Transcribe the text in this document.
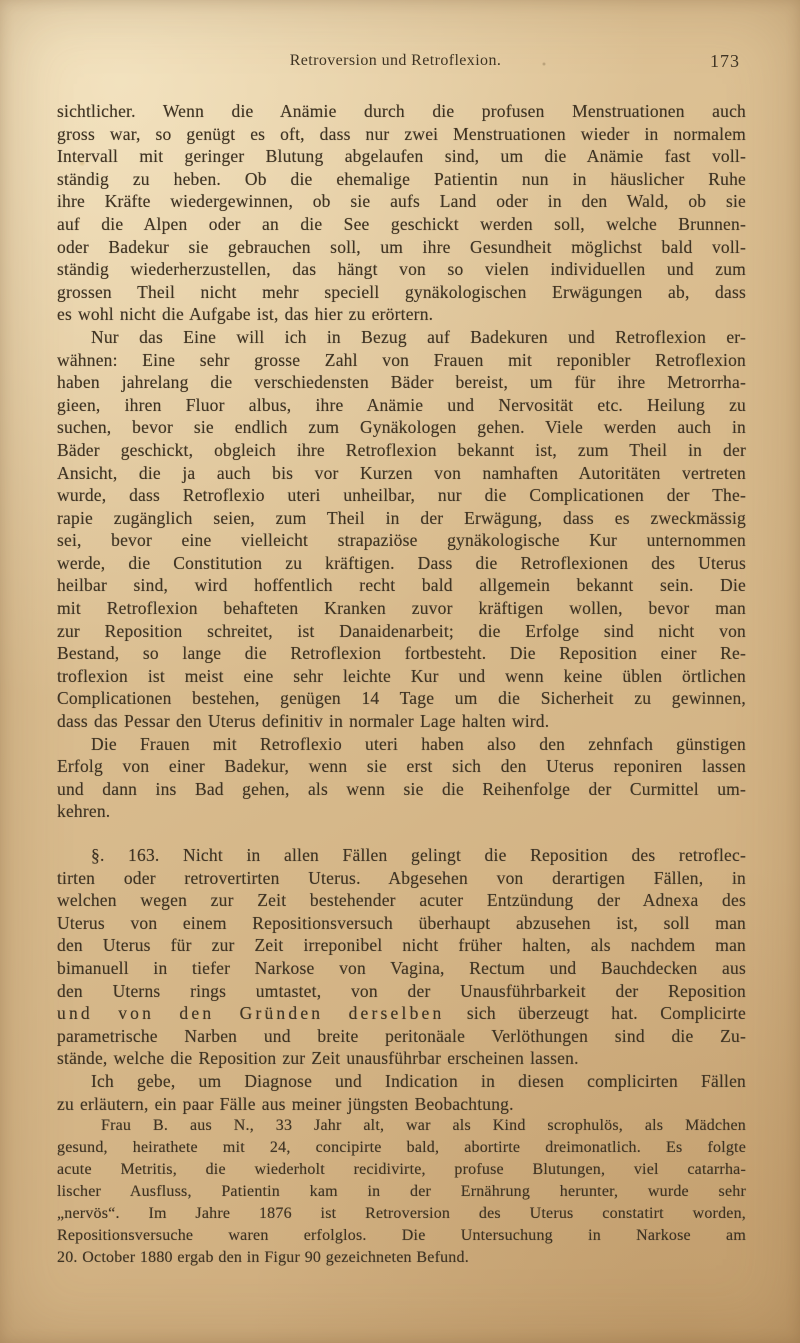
Retroversion und Retroflexion.	173
sichtlicher. Wenn die Anämie durch die profusen Menstruationen auch
gross war, so genügt es oft, dass nur zwei Menstruationen wieder in normalem
Intervall mit geringer Blutung abgelaufen sind, um die Anämie fast voll-
ständig zu heben. Ob die ehemalige Patientin nun in häuslicher Ruhe
ihre Kräfte wiedergewinnen, ob sie aufs Land oder in den Wald, ob sie
auf die Alpen oder an die See geschickt werden soll, welche Brunnen-
oder Badekur sie gebrauchen soll, um ihre Gesundheit möglichst bald voll-
ständig wiederherzustellen, das hängt von so vielen individuellen und zum
grossen Theil nicht mehr speciell gynäkologischen Erwägungen ab, dass
es wohl nicht die Aufgabe ist, das hier zu erörtern.
Nur das Eine will ich in Bezug auf Badekuren und Retroflexion er-
wähnen: Eine sehr grosse Zahl von Frauen mit reponibler Retroflexion
haben jahrelang die verschiedensten Bäder bereist, um für ihre Metrorrha-
gieen, ihren Fluor albus, ihre Anämie und Nervosität etc. Heilung zu
suchen, bevor sie endlich zum Gynäkologen gehen. Viele werden auch in
Bäder geschickt, obgleich ihre Retroflexion bekannt ist, zum Theil in der
Ansicht, die ja auch bis vor Kurzen von namhaften Autoritäten vertreten
wurde, dass Retroflexio uteri unheilbar, nur die Complicationen der The-
rapie zugänglich seien, zum Theil in der Erwägung, dass es zweckmässig
sei, bevor eine vielleicht strapaziöse gynäkologische Kur unternommen
werde, die Constitution zu kräftigen. Dass die Retroflexionen des Uterus
heilbar sind, wird hoffentlich recht bald allgemein bekannt sein. Die
mit Retroflexion behafteten Kranken zuvor kräftigen wollen, bevor man
zur Reposition schreitet, ist Danaidenarbeit; die Erfolge sind nicht von
Bestand, so lange die Retroflexion fortbesteht. Die Reposition einer Re-
troflexion ist meist eine sehr leichte Kur und wenn keine üblen örtlichen
Complicationen bestehen, genügen 14 Tage um die Sicherheit zu gewinnen,
dass das Pessar den Uterus definitiv in normaler Lage halten wird.
Die Frauen mit Retroflexio uteri haben also den zehnfach günstigen
Erfolg von einer Badekur, wenn sie erst sich den Uterus reponiren lassen
und dann ins Bad gehen, als wenn sie die Reihenfolge der Curmittel um-
kehren.
§. 163. Nicht in allen Fällen gelingt die Reposition des retroflec-
tirten oder retrovertirten Uterus. Abgesehen von derartigen Fällen, in
welchen wegen zur Zeit bestehender acuter Entzündung der Adnexa des
Uterus von einem Repositionsversuch überhaupt abzusehen ist, soll man
den Uterus für zur Zeit irreponibel nicht früher halten, als nachdem man
bimanuell in tiefer Narkose von Vagina, Rectum und Bauchdecken aus
den Uterns rings umtastet, von der Unausführbarkeit der Reposition
und von den Gründen derselben sich überzeugt hat. Complicirte
parametrische Narben und breite peritonäale Verlöthungen sind die Zu-
stände, welche die Reposition zur Zeit unausführbar erscheinen lassen.
Ich gebe, um Diagnose und Indication in diesen complicirten Fällen
zu erläutern, ein paar Fälle aus meiner jüngsten Beobachtung.
Frau B. aus N., 33 Jahr alt, war als Kind scrophulös, als Mädchen
gesund, heirathete mit 24, concipirte bald, abortirte dreimonatlich. Es folgte
acute Metritis, die wiederholt recidivirte, profuse Blutungen, viel catarrha-
lischer Ausfluss, Patientin kam in der Ernährung herunter, wurde sehr
„nervös“. Im Jahre 1876 ist Retroversion des Uterus constatirt worden,
Repositionsversuche waren erfolglos. Die Untersuchung in Narkose am
20. October 1880 ergab den in Figur 90 gezeichneten Befund.
